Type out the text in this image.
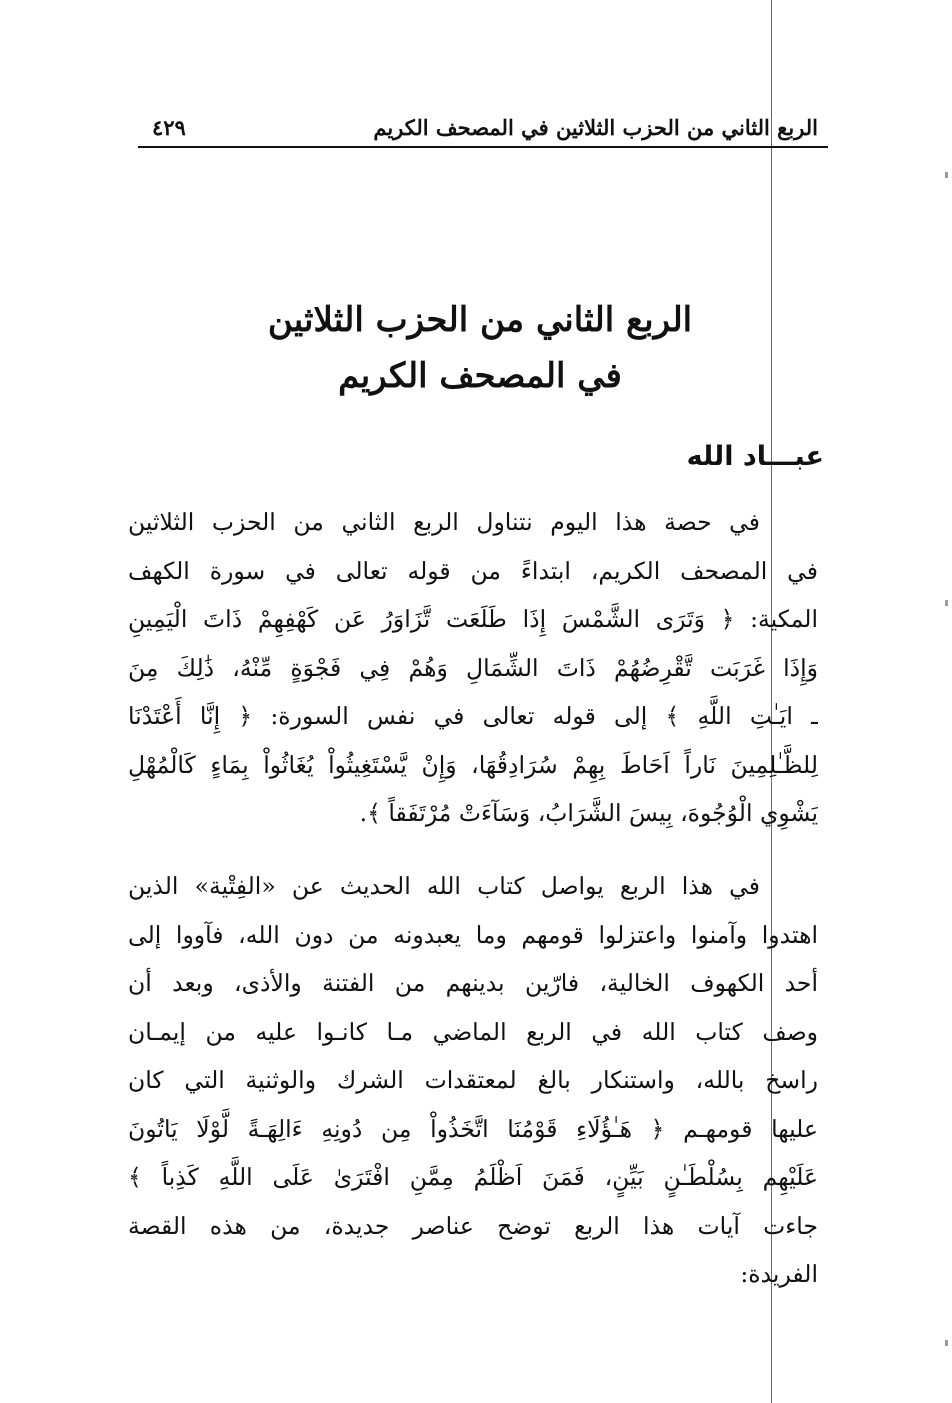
الربع الثاني من الحزب الثلاثين في المصحف الكريم
٤٢٩
الربع الثاني من الحزب الثلاثين
في المصحف الكريم
عبـــاد الله
في حصة هذا اليوم نتناول الربع الثاني من الحزب الثلاثين
في المصحف الكريم، ابتداءً من قوله تعالى في سورة الكهف
المكية: ﴿ وَتَرَى الشَّمْسَ إِذَا طَلَعَت تَّزَاوَرُ عَن كَهْفِهِمْ ذَاتَ الْيَمِينِ
وَإِذَا غَرَبَت تَّقْرِضُهُمْ ذَاتَ الشِّمَالِ وَهُمْ فِي فَجْوَةٍ مِّنْهُ، ذَٰلِكَ مِنَ
ـ ايَـٰتِ اللَّهِ ﴾ إلى قوله تعالى في نفس السورة: ﴿ إِنَّا أَعْتَدْنَا
لِلظَّـٰلِمِينَ نَاراً اَحَاطَ بِهِمْ سُرَادِقُهَا، وَإِنْ يَّسْتَغِيثُواْ يُغَاثُواْ بِمَاءٍ كَالْمُهْلِ
يَشْوِي الْوُجُوهَ، بِيسَ الشَّرَابُ، وَسَآءَتْ مُرْتَفَقاً ﴾.
في هذا الربع يواصل كتاب الله الحديث عن «الفِتْية» الذين
اهتدوا وآمنوا واعتزلوا قومهم وما يعبدونه من دون الله، فآووا إلى
أحد الكهوف الخالية، فارّين بدينهم من الفتنة والأذى، وبعد أن
وصف كتاب الله في الربع الماضي مـا كانـوا عليه من إيمـان
راسخ بالله، واستنكار بالغ لمعتقدات الشرك والوثنية التي كان
عليها قومهـم ﴿ هَـٰؤُلَاءِ قَوْمُنَا اتَّخَذُواْ مِن دُونِهِ ءَالِهَـةً لَّوْلَا يَاتُونَ
عَلَيْهِم بِسُلْطَـٰنٍ بَيِّنٍ، فَمَنَ اَظْلَمُ مِمَّنِ افْتَرَىٰ عَلَى اللَّهِ كَذِباً ﴾
جاءت آيات هذا الربع توضح عناصر جديدة، من هذه القصة
الفريدة:
